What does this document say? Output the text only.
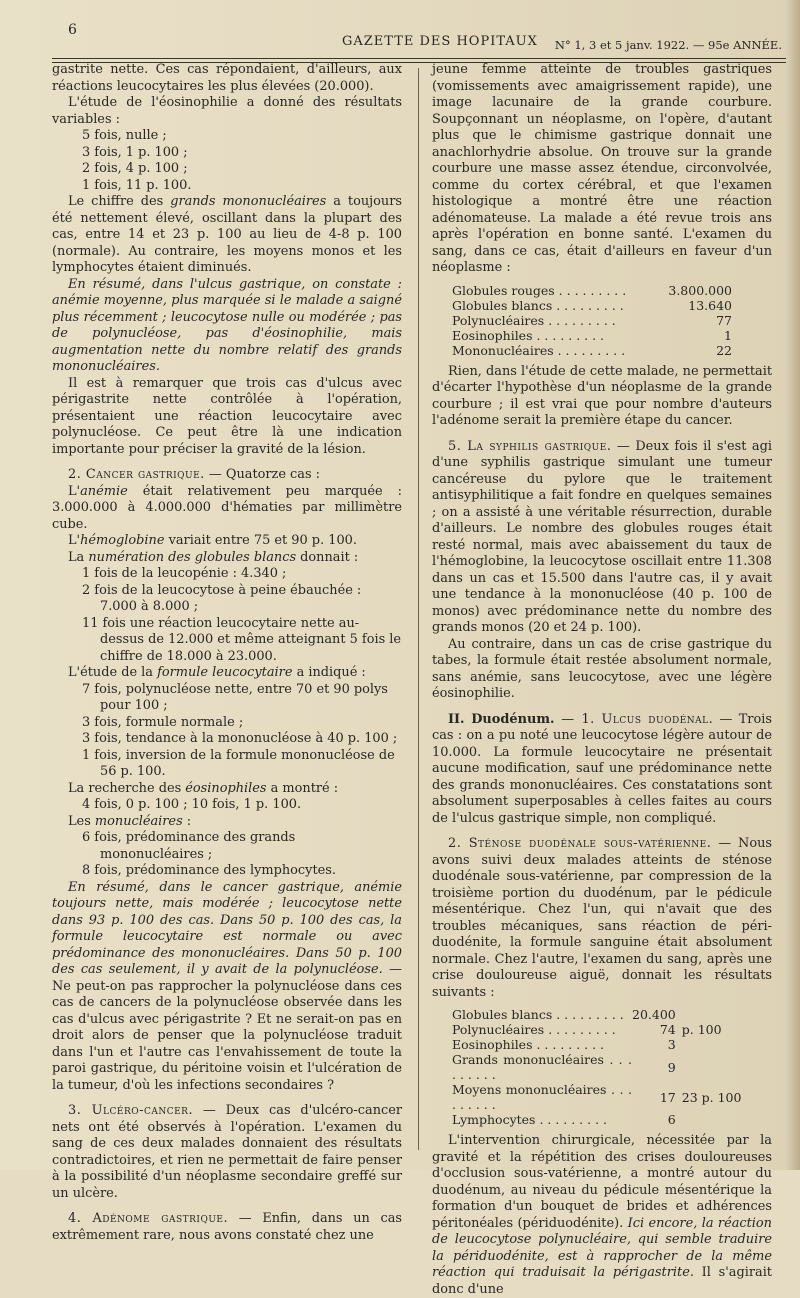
6
GAZETTE DES HOPITAUX N° 1, 3 et 5 janv. 1922. — 95e ANNÉE.

gastrite nette. Ces cas répondaient, d'ailleurs, aux réactions leucocytaires les plus élevées (20.000).

L'étude de l'éosinophilie a donné des résultats variables :

5 fois, nulle ;

3 fois, 1 p. 100 ;

2 fois, 4 p. 100 ;

1 fois, 11 p. 100.

Le chiffre des grands mononucléaires a toujours été nettement élevé, oscillant dans la plupart des cas, entre 14 et 23 p. 100 au lieu de 4-8 p. 100 (normale). Au contraire, les moyens monos et les lymphocytes étaient diminués.

En résumé, dans l'ulcus gastrique, on constate : anémie moyenne, plus marquée si le malade a saigné plus récemment ; leucocytose nulle ou modérée ; pas de polynucléose, pas d'éosinophilie, mais augmentation nette du nombre relatif des grands mononucléaires.

Il est à remarquer que trois cas d'ulcus avec périgastrite nette contrôlée à l'opération, présentaient une réaction leucocytaire avec polynucléose. Ce peut être là une indication importante pour préciser la gravité de la lésion.

2. Cancer gastrique. — Quatorze cas :

L'anémie était relativement peu marquée : 3.000.000 à 4.000.000 d'hématies par millimètre cube.

L'hémoglobine variait entre 75 et 90 p. 100.

La numération des globules blancs donnait :

1 fois de la leucopénie : 4.340 ;

2 fois de la leucocytose à peine ébauchée : 7.000 à 8.000 ;

11 fois une réaction leucocytaire nette au-dessus de 12.000 et même atteignant 5 fois le chiffre de 18.000 à 23.000.

L'étude de la formule leucocytaire a indiqué :

7 fois, polynucléose nette, entre 70 et 90 polys pour 100 ;

3 fois, formule normale ;

3 fois, tendance à la mononucléose à 40 p. 100 ;

1 fois, inversion de la formule mononucléose de 56 p. 100.

La recherche des éosinophiles a montré :

4 fois, 0 p. 100 ; 10 fois, 1 p. 100.

Les monucléaires :

6 fois, prédominance des grands mononucléaires ;

8 fois, prédominance des lymphocytes.

En résumé, dans le cancer gastrique, anémie toujours nette, mais modérée ; leucocytose nette dans 93 p. 100 des cas. Dans 50 p. 100 des cas, la formule leucocytaire est normale ou avec prédominance des mononucléaires. Dans 50 p. 100 des cas seulement, il y avait de la polynucléose. — Ne peut-on pas rapprocher la polynucléose dans ces cas de cancers de la polynucléose observée dans les cas d'ulcus avec périgastrite ? Et ne serait-on pas en droit alors de penser que la polynucléose traduit dans l'un et l'autre cas l'envahissement de toute la paroi gastrique, du péritoine voisin et l'ulcération de la tumeur, d'où les infections secondaires ?

3. Ulcéro-cancer. — Deux cas d'ulcéro-cancer nets ont été observés à l'opération. L'examen du sang de ces deux malades donnaient des résultats contradictoires, et rien ne permettait de faire penser à la possibilité d'un néoplasme secondaire greffé sur un ulcère.

4. Adénome gastrique. — Enfin, dans un cas extrêmement rare, nous avons constaté chez une

jeune femme atteinte de troubles gastriques (vomissements avec amaigrissement rapide), une image lacunaire de la grande courbure. Soupçonnant un néoplasme, on l'opère, d'autant plus que le chimisme gastrique donnait une anachlorhydrie absolue. On trouve sur la grande courbure une masse assez étendue, circonvolvée, comme du cortex cérébral, et que l'examen histologique a montré être une réaction adénomateuse. La malade a été revue trois ans après l'opération en bonne santé. L'examen du sang, dans ce cas, était d'ailleurs en faveur d'un néoplasme :

Globules rouges . . . . . . . . .	3.800.000
Globules blancs . . . . . . . . .	13.640
Polynucléaires . . . . . . . . .	77
Eosinophiles . . . . . . . . .	1
Mononucléaires . . . . . . . . .	22

Rien, dans l'étude de cette malade, ne permettait d'écarter l'hypothèse d'un néoplasme de la grande courbure ; il est vrai que pour nombre d'auteurs l'adénome serait la première étape du cancer.

5. La syphilis gastrique. — Deux fois il s'est agi d'une syphilis gastrique simulant une tumeur cancéreuse du pylore que le traitement antisyphilitique a fait fondre en quelques semaines ; on a assisté à une véritable résurrection, durable d'ailleurs. Le nombre des globules rouges était resté normal, mais avec abaissement du taux de l'hémoglobine, la leucocytose oscillait entre 11.308 dans un cas et 15.500 dans l'autre cas, il y avait une tendance à la mononucléose (40 p. 100 de monos) avec prédominance nette du nombre des grands monos (20 et 24 p. 100).

Au contraire, dans un cas de crise gastrique du tabes, la formule était restée absolument normale, sans anémie, sans leucocytose, avec une légère éosinophilie.

II. Duodénum. — 1. Ulcus duodénal. — Trois cas : on a pu noté une leucocytose légère autour de 10.000. La formule leucocytaire ne présentait aucune modification, sauf une prédominance nette des grands mononucléaires. Ces constatations sont absolument superposables à celles faites au cours de l'ulcus gastrique simple, non compliqué.

2. Sténose duodénale sous-vatérienne. — Nous avons suivi deux malades atteints de sténose duodénale sous-vatérienne, par compression de la troisième portion du duodénum, par le pédicule mésentérique. Chez l'un, qui n'avait que des troubles mécaniques, sans réaction de péri-duodénite, la formule sanguine était absolument normale. Chez l'autre, l'examen du sang, après une crise douloureuse aiguë, donnait les résultats suivants :

Globules blancs . . . . . . . . .	20.400	
Polynucléaires . . . . . . . . .	74	p. 100
Eosinophiles . . . . . . . . .	3	
Grands mononucléaires . . . . . . . . .	9	
Moyens mononucléaires . . . . . . . . .	17	23 p. 100
Lymphocytes . . . . . . . . .	6	

L'intervention chirurgicale, nécessitée par la gravité et la répétition des crises douloureuses d'occlusion sous-vatérienne, a montré autour du duodénum, au niveau du pédicule mésentérique la formation d'un bouquet de brides et adhérences péritonéales (périduodénite). Ici encore, la réaction de leucocytose polynucléaire, qui semble traduire la périduodénite, est à rapprocher de la même réaction qui traduisait la périgastrite. Il s'agirait donc d'une
